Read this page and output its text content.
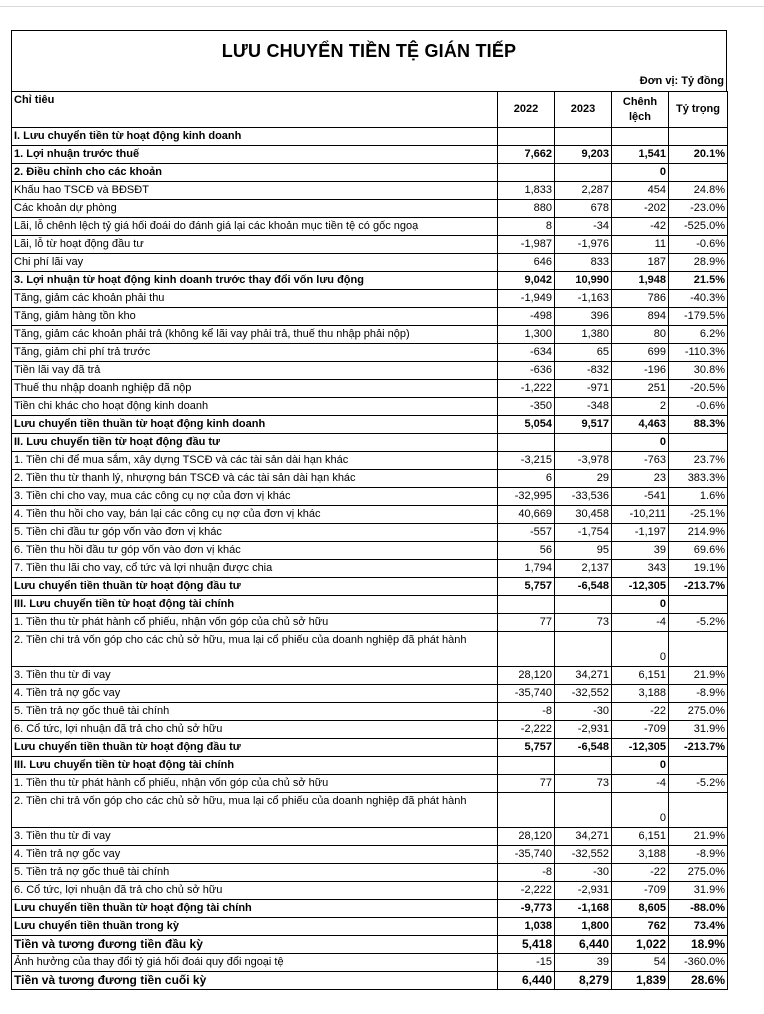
LƯU CHUYỂN TIỀN TỆ GIÁN TIẾP
Đơn vị: Tỷ đồng
Chỉ tiêu	2022	2023	Chênh lệch	Tỷ trọng
I. Lưu chuyển tiền từ hoạt động kinh doanh				
1. Lợi nhuận trước thuế	7,662	9,203	1,541	20.1%
2. Điều chỉnh cho các khoản			0	
Khấu hao TSCĐ và BĐSĐT	1,833	2,287	454	24.8%
Các khoản dự phòng	880	678	-202	-23.0%
Lãi, lỗ chênh lệch tỷ giá hối đoái do đánh giá lại các khoản mục tiền tệ có gốc ngoạ	8	-34	-42	-525.0%
Lãi, lỗ từ hoạt động đầu tư	-1,987	-1,976	11	-0.6%
Chi phí lãi vay	646	833	187	28.9%
3. Lợi nhuận từ hoạt động kinh doanh trước thay đổi vốn lưu động	9,042	10,990	1,948	21.5%
Tăng, giảm các khoản phải thu	-1,949	-1,163	786	-40.3%
Tăng, giảm hàng tồn kho	-498	396	894	-179.5%
Tăng, giảm các khoản phải trả (không kể lãi vay phải trả, thuế thu nhập phải nộp)	1,300	1,380	80	6.2%
Tăng, giảm chi phí trả trước	-634	65	699	-110.3%
Tiền lãi vay đã trả	-636	-832	-196	30.8%
Thuế thu nhập doanh nghiệp đã nộp	-1,222	-971	251	-20.5%
Tiền chi khác cho hoạt động kinh doanh	-350	-348	2	-0.6%
Lưu chuyển tiền thuần từ hoạt động kinh doanh	5,054	9,517	4,463	88.3%
II. Lưu chuyển tiền từ hoạt động đầu tư			0	
1. Tiền chi để mua sắm, xây dựng TSCĐ và các tài sản dài hạn khác	-3,215	-3,978	-763	23.7%
2. Tiền thu từ thanh lý, nhượng bán TSCĐ và các tài sản dài hạn khác	6	29	23	383.3%
3. Tiền chi cho vay, mua các công cụ nợ của đơn vị khác	-32,995	-33,536	-541	1.6%
4. Tiền thu hồi cho vay, bán lại các công cụ nợ của đơn vị khác	40,669	30,458	-10,211	-25.1%
5. Tiền chi đầu tư góp vốn vào đơn vị khác	-557	-1,754	-1,197	214.9%
6. Tiền thu hồi đầu tư góp vốn vào đơn vị khác	56	95	39	69.6%
7. Tiền thu lãi cho vay, cổ tức và lợi nhuận được chia	1,794	2,137	343	19.1%
Lưu chuyển tiền thuần từ hoạt động đầu tư	5,757	-6,548	-12,305	-213.7%
III. Lưu chuyển tiền từ hoạt động tài chính			0	
1. Tiền thu từ phát hành cổ phiếu, nhận vốn góp của chủ sở hữu	77	73	-4	-5.2%
2. Tiền chi trả vốn góp cho các chủ sở hữu, mua lại cổ phiếu của doanh nghiệp đã phát hành			0	
3. Tiền thu từ đi vay	28,120	34,271	6,151	21.9%
4. Tiền trả nợ gốc vay	-35,740	-32,552	3,188	-8.9%
5. Tiền trả nợ gốc thuê tài chính	-8	-30	-22	275.0%
6. Cổ tức, lợi nhuận đã trả cho chủ sở hữu	-2,222	-2,931	-709	31.9%
Lưu chuyển tiền thuần từ hoạt động đầu tư	5,757	-6,548	-12,305	-213.7%
III. Lưu chuyển tiền từ hoạt động tài chính			0	
1. Tiền thu từ phát hành cổ phiếu, nhận vốn góp của chủ sở hữu	77	73	-4	-5.2%
2. Tiền chi trả vốn góp cho các chủ sở hữu, mua lại cổ phiếu của doanh nghiệp đã phát hành			0	
3. Tiền thu từ đi vay	28,120	34,271	6,151	21.9%
4. Tiền trả nợ gốc vay	-35,740	-32,552	3,188	-8.9%
5. Tiền trả nợ gốc thuê tài chính	-8	-30	-22	275.0%
6. Cổ tức, lợi nhuận đã trả cho chủ sở hữu	-2,222	-2,931	-709	31.9%
Lưu chuyển tiền thuần từ hoạt động tài chính	-9,773	-1,168	8,605	-88.0%
Lưu chuyển tiền thuần trong kỳ	1,038	1,800	762	73.4%
Tiền và tương đương tiền đầu kỳ	5,418	6,440	1,022	18.9%
Ảnh hưởng của thay đổi tỷ giá hối đoái quy đổi ngoại tệ	-15	39	54	-360.0%
Tiền và tương đương tiền cuối kỳ	6,440	8,279	1,839	28.6%
